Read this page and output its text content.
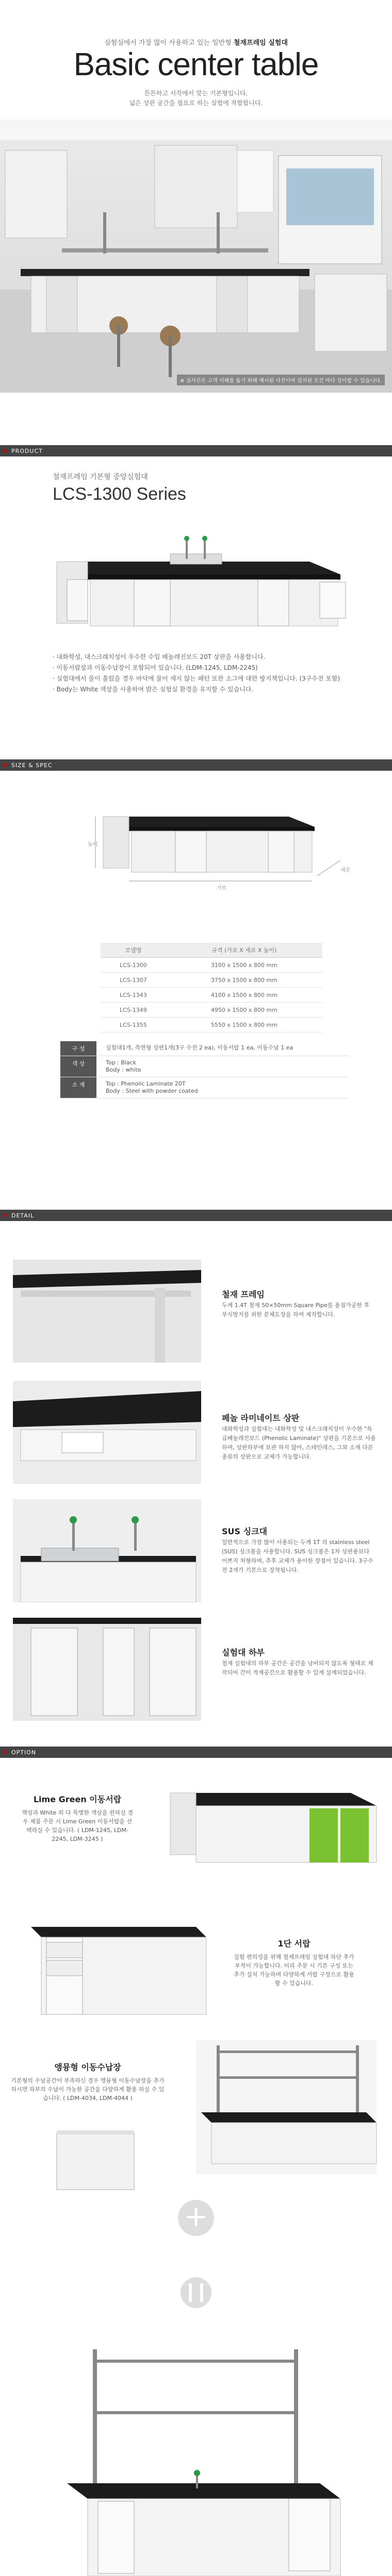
실험실에서 가장 많이 사용하고 있는 일반형 철재프레임 실험대
Basic center table
튼튼하고 시각에서 맞는 기본형입니다.
넓은 상판 공간을 필요로 하는 실험에 적합합니다.
※ 실사진은 고객 이해를 돕기 위해 예시된 사진이며 설치된 조건 마다 상이할 수 있습니다.
PRODUCT
철재프레임 기본형 중앙실험대
LCS-1300 Series
· 내화학성, 내스크래치성이 우수한 수입 페놀레진보드 20T 상판을 사용합니다.
· 이동서랍장과 이동수납장이 포함되어 있습니다. (LDM-1245, LDM-2245)
· 실험대에서 물이 흘렀을 경우 바닥에 물이 새지 않는 패턴 또한 소그에 대한 방지책입니다. (3구수전 포함)
· Body는 White 색상을 사용하여 밝은 실험실 환경을 유지할 수 있습니다.
SIZE & SPEC
높이
가로
세로
모델명	규격 (가로 X 세로 X 높이)
LCS-1300	3100 x 1500 x 800 mm
LCS-1307	3750 x 1500 x 800 mm
LCS-1343	4100 x 1500 x 800 mm
LCS-1349	4950 x 1500 x 800 mm
LCS-1355	5550 x 1500 x 800 mm
구 성	실험대1개, 측면형 상판1개(3구 수전 2 ea), 이동서랍 1 ea, 이동수납 1 ea
색 상	Top : Black
Body : white
소 재	Top : Phenolic Laminate 20T
Body : Steel with powder coated
DETAIL
철재 프레임
두께 1.4T 철재 50×50mm Square Pipe를 용접가공한 후 부식방지를 위한 분체도장을 하여 제작합니다.
페놀 라미네이트 상판
내화학성과 실험대는 내화학성 및 내스크래치성이 우수한 "특급페놀레진보드 (Phenolic Laminate)" 상판을 기본으로 사용하며, 상판하부에 보관 하지 않아, 스테인레스, 그외 소재 다른 종류의 상판으로 교체가 가능합니다.
SUS 싱크대
일반적으로 가장 많이 사용되는 두께 1T 의 stainless steel (SUS) 싱크볼을 사용합니다. SUS 싱크볼은 1차 상판용보다 이쁘지 처형하며, 추후 교체가 용이한 장점이 있습니다. 3구수전 2개가 기본으로 장착됩니다.
실험대 하부
철재 실험대의 하부 공간은 공간을 낭비되지 않도록 형태로 제작되어 간이 적재공간으로 활용할 수 있게 설계되었습니다.
OPTION
Lime Green 이동서랍
책상과 White 외 다 특별한 색상을 원하실 경우 제품 주문 시 Lime Green 이동서랍을 선택하실 수 있습니다. ( LDM-1245, LDM-2245, LDM-3245 )
1단 서랍
실험 편의성을 위해 철제프레임 실험대 하단 추가 부착이 가능합니다. 미리 주문 시 기본 구성 또는 추가 설치 가능하며 다양하게 서랍 구성으로 활용할 수 있습니다.
앵뮹형 이동수납장
기본형의 수납공간이 부족하신 경우 앵뮹형 이동수납장을 추가하시면 하부의 수납이 가능한 공간을 다양하게 활용 하실 수 있습니다. ( LDM-4034, LDM-4044 )
+
